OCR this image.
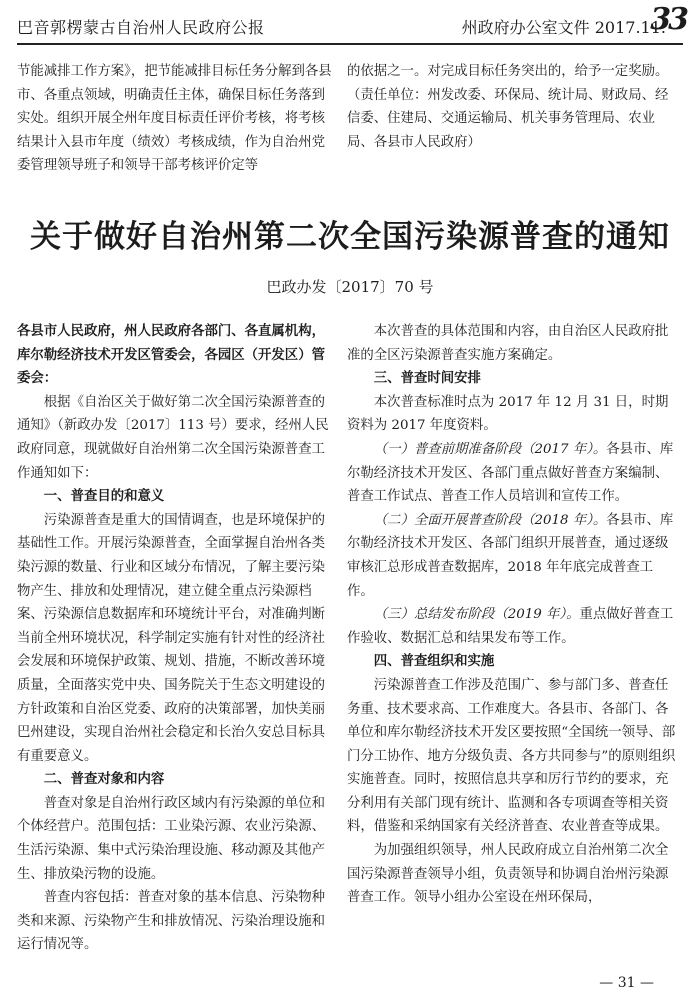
巴音郭楞蒙古自治州人民政府公报	州政府办公室文件 2017.11.
33

节能减排工作方案》，把节能减排目标任务分解到各县市、各重点领域，明确责任主体，确保目标任务落到实处。组织开展全州年度目标责任评价考核，将考核结果计入县市年度（绩效）考核成绩，作为自治州党委管理领导班子和领导干部考核评价定等

的依据之一。对完成目标任务突出的，给予一定奖励。（责任单位：州发改委、环保局、统计局、财政局、经信委、住建局、交通运输局、机关事务管理局、农业局、各县市人民政府）

关于做好自治州第二次全国污染源普查的通知
巴政办发〔2017〕70 号

各县市人民政府，州人民政府各部门、各直属机构，库尔勒经济技术开发区管委会，各园区（开发区）管委会：

根据《自治区关于做好第二次全国污染源普查的通知》（新政办发〔2017〕113 号）要求，经州人民政府同意，现就做好自治州第二次全国污染源普查工作通知如下：

一、普查目的和意义

污染源普查是重大的国情调查，也是环境保护的基础性工作。开展污染源普查，全面掌握自治州各类染污源的数量、行业和区域分布情况，了解主要污染物产生、排放和处理情况，建立健全重点污染源档案、污染源信息数据库和环境统计平台，对准确判断当前全州环境状况，科学制定实施有针对性的经济社会发展和环境保护政策、规划、措施，不断改善环境质量，全面落实党中央、国务院关于生态文明建设的方针政策和自治区党委、政府的决策部署，加快美丽巴州建设，实现自治州社会稳定和长治久安总目标具有重要意义。

二、普查对象和内容

普查对象是自治州行政区域内有污染源的单位和个体经营户。范围包括：工业染污源、农业污染源、生活污染源、集中式污染治理设施、移动源及其他产生、排放染污物的设施。

普查内容包括：普查对象的基本信息、污染物种类和来源、污染物产生和排放情况、污染治理设施和运行情况等。

本次普查的具体范围和内容，由自治区人民政府批准的全区污染源普查实施方案确定。

三、普查时间安排

本次普查标准时点为 2017 年 12 月 31 日，时期资料为 2017 年度资料。

（一）普查前期准备阶段（2017 年）。各县市、库尔勒经济技术开发区、各部门重点做好普查方案编制、普查工作试点、普查工作人员培训和宣传工作。

（二）全面开展普查阶段（2018 年）。各县市、库尔勒经济技术开发区、各部门组织开展普查，通过逐级审核汇总形成普查数据库，2018 年年底完成普查工作。

（三）总结发布阶段（2019 年）。重点做好普查工作验收、数据汇总和结果发布等工作。

四、普查组织和实施

污染源普查工作涉及范围广、参与部门多、普查任务重、技术要求高、工作难度大。各县市、各部门、各单位和库尔勒经济技术开发区要按照“全国统一领导、部门分工协作、地方分级负责、各方共同参与”的原则组织实施普查。同时，按照信息共享和厉行节约的要求，充分利用有关部门现有统计、监测和各专项调查等相关资料，借鉴和采纳国家有关经济普查、农业普查等成果。

为加强组织领导，州人民政府成立自治州第二次全国污染源普查领导小组，负责领导和协调自治州污染源普查工作。领导小组办公室设在州环保局，

— 31 —
